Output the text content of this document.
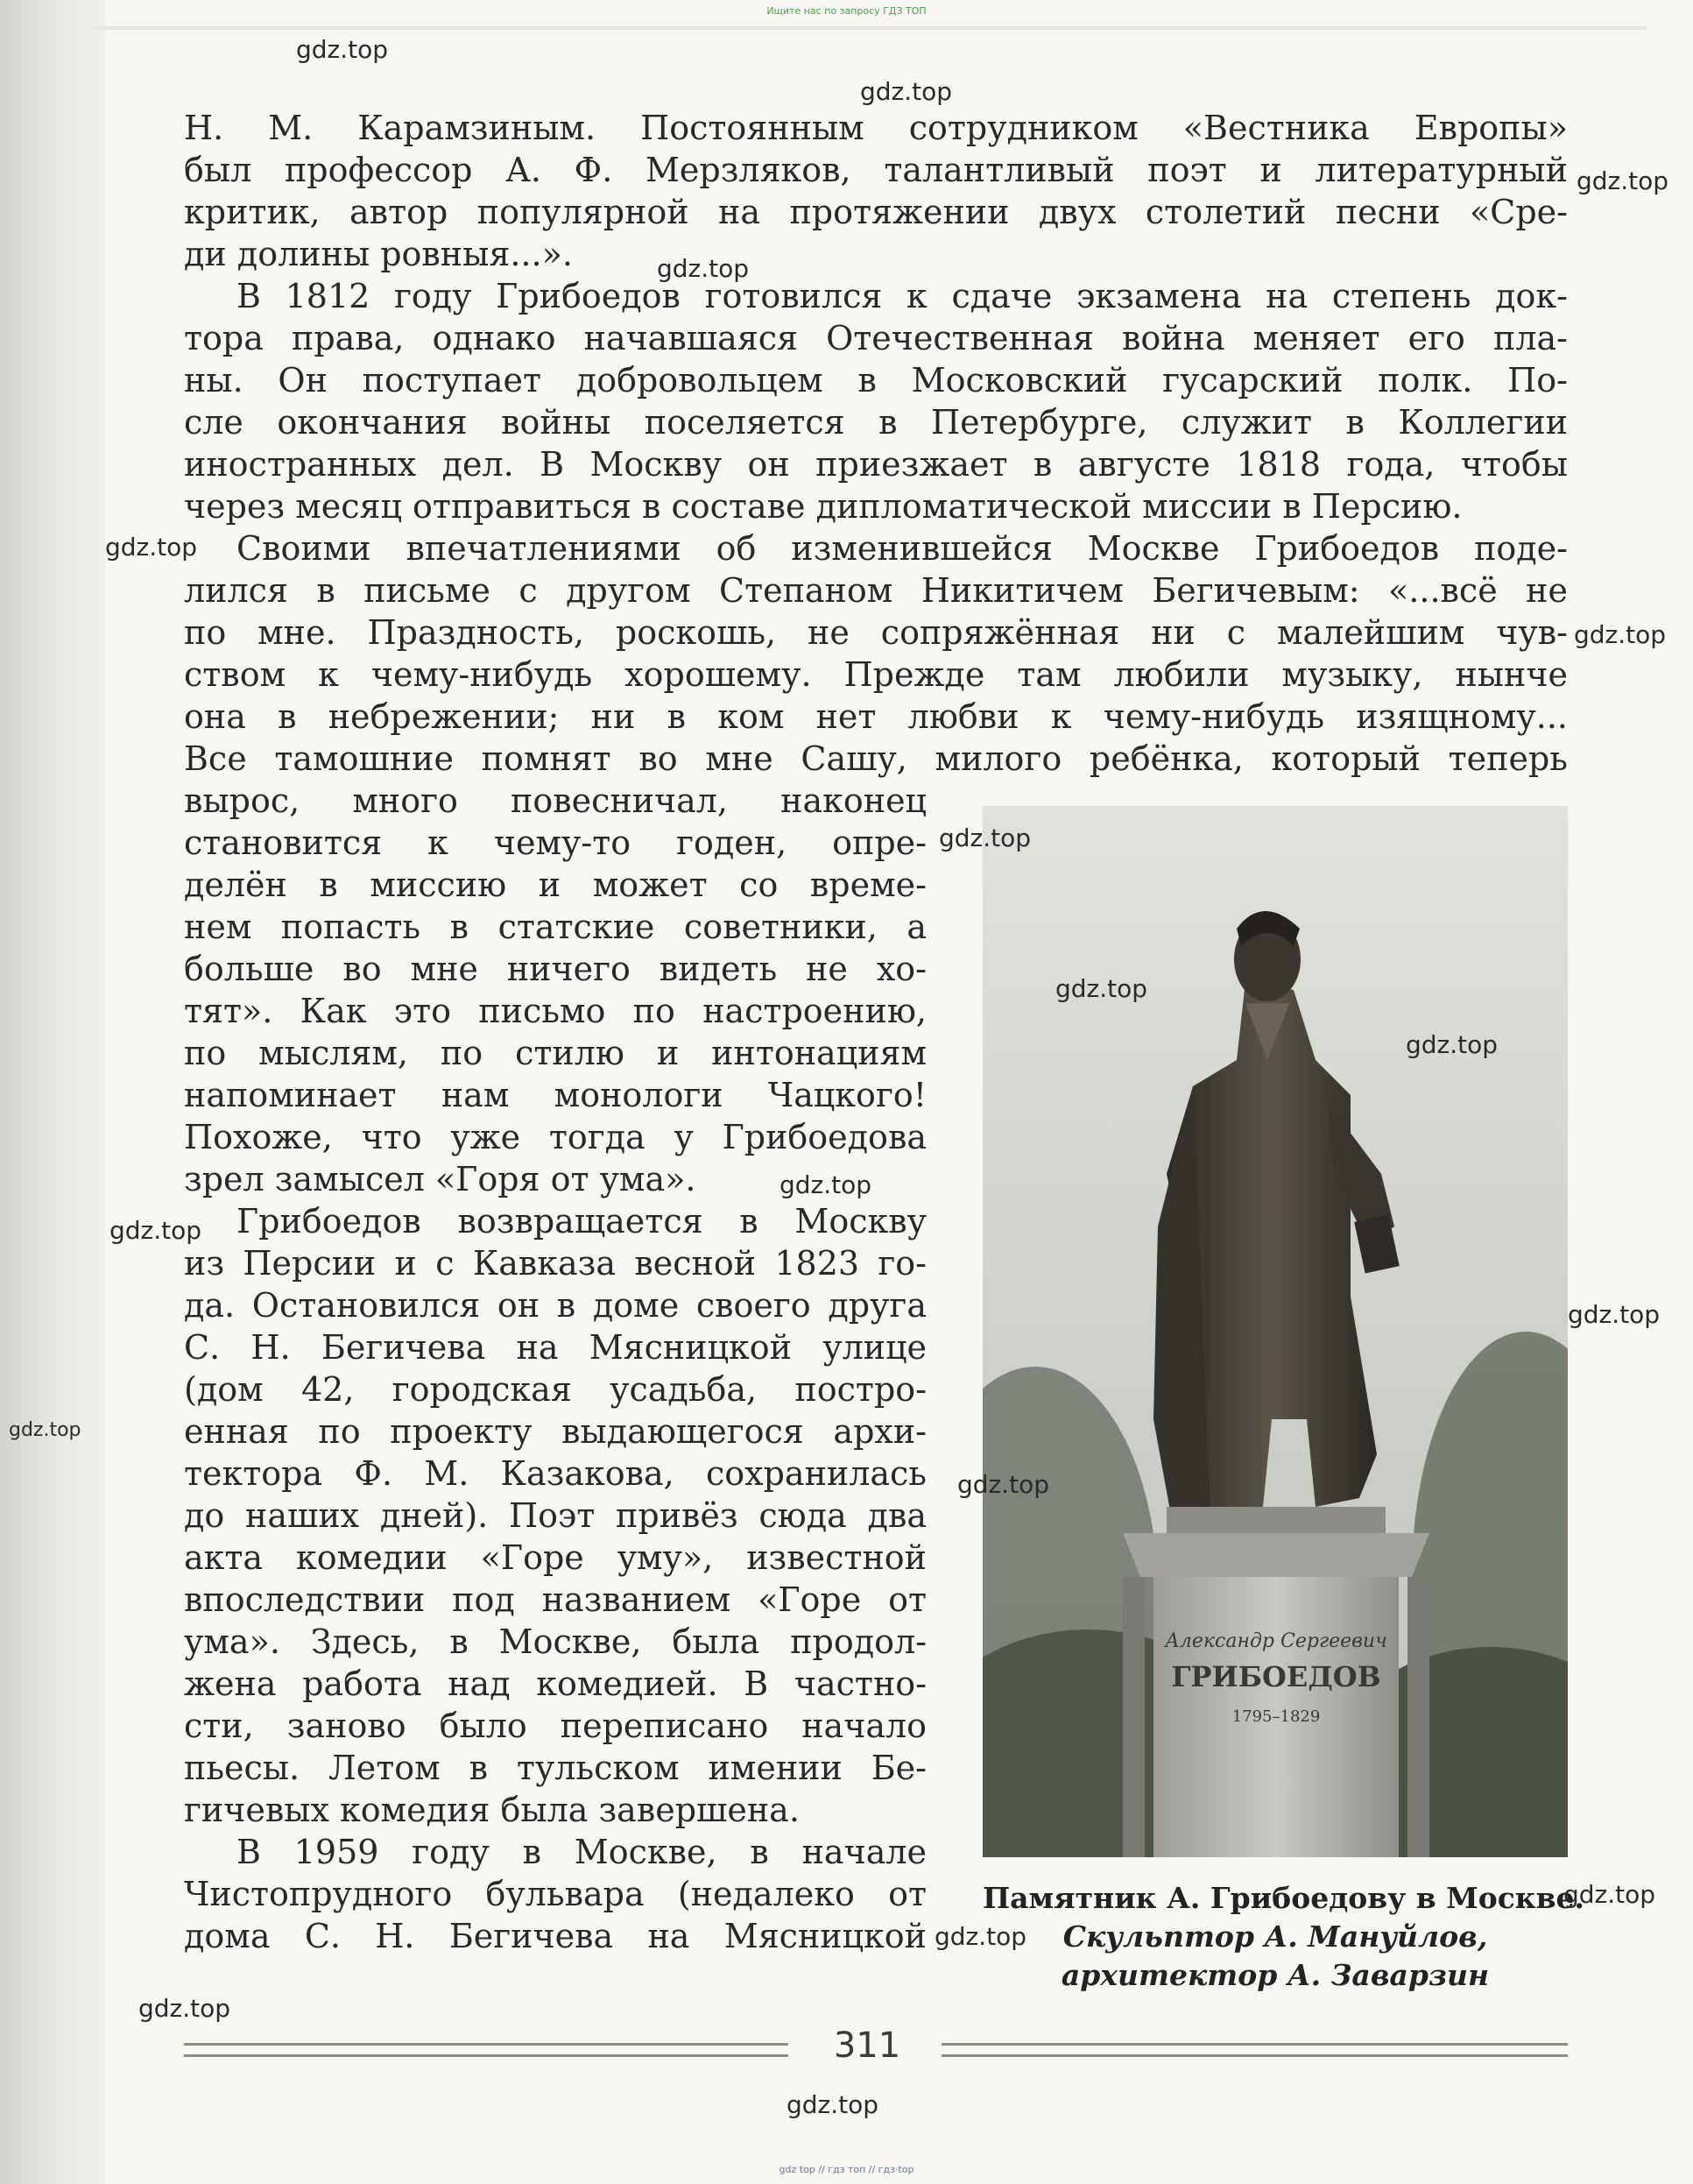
Ищите нас по запросу ГДЗ ТОП

Н. М. Карамзиным. Постоянным сотрудником «Вестника Европы»

был профессор А. Ф. Мерзляков, талантливый поэт и литературный

критик, автор популярной на протяжении двух столетий песни «Сре-

ди долины ровныя...».

В 1812 году Грибоедов готовился к сдаче экзамена на степень док-

тора права, однако начавшаяся Отечественная война меняет его пла-

ны. Он поступает добровольцем в Московский гусарский полк. По-

сле окончания войны поселяется в Петербурге, служит в Коллегии

иностранных дел. В Москву он приезжает в августе 1818 года, чтобы

через месяц отправиться в составе дипломатической миссии в Персию.

Своими впечатлениями об изменившейся Москве Грибоедов поде-

лился в письме с другом Степаном Никитичем Бегичевым: «...всё не

по мне. Праздность, роскошь, не сопряжённая ни с малейшим чув-

ством к чему-нибудь хорошему. Прежде там любили музыку, нынче

она в небрежении; ни в ком нет любви к чему-нибудь изящному...

Все тамошние помнят во мне Сашу, милого ребёнка, который теперь

вырос, много повесничал, наконец

становится к чему-то годен, опре-

делён в миссию и может со време-

нем попасть в статские советники, а

больше во мне ничего видеть не хо-

тят». Как это письмо по настроению,

по мыслям, по стилю и интонациям

напоминает нам монологи Чацкого!

Похоже, что уже тогда у Грибоедова

зрел замысел «Горя от ума».

Грибоедов возвращается в Москву

из Персии и с Кавказа весной 1823 го-

да. Остановился он в доме своего друга

С. Н. Бегичева на Мясницкой улице

(дом 42, городская усадьба, постро-

енная по проекту выдающегося архи-

тектора Ф. М. Казакова, сохранилась

до наших дней). Поэт привёз сюда два

акта комедии «Горе уму», известной

впоследствии под названием «Горе от

ума». Здесь, в Москве, была продол-

жена работа над комедией. В частно-

сти, заново было переписано начало

пьесы. Летом в тульском имении Бе-

гичевых комедия была завершена.

В 1959 году в Москве, в начале

Чистопрудного бульвара (недалеко от

дома С. Н. Бегичева на Мясницкой

Александр Сергеевич
ГРИБОЕДОВ
1795–1829
Памятник А. Грибоедову в Москве.
Скульптор А. Мануйлов,
архитектор А. Заварзин
311
gdz.top
gdz.top
gdz.top
gdz.top
gdz.top
gdz.top
gdz.top
gdz.top
gdz.top
gdz.top
gdz.top
gdz.top
gdz.top
gdz.top
gdz.top
gdz.top
gdz.top
gdz.top
gdz top // гдз топ // гдз·top
